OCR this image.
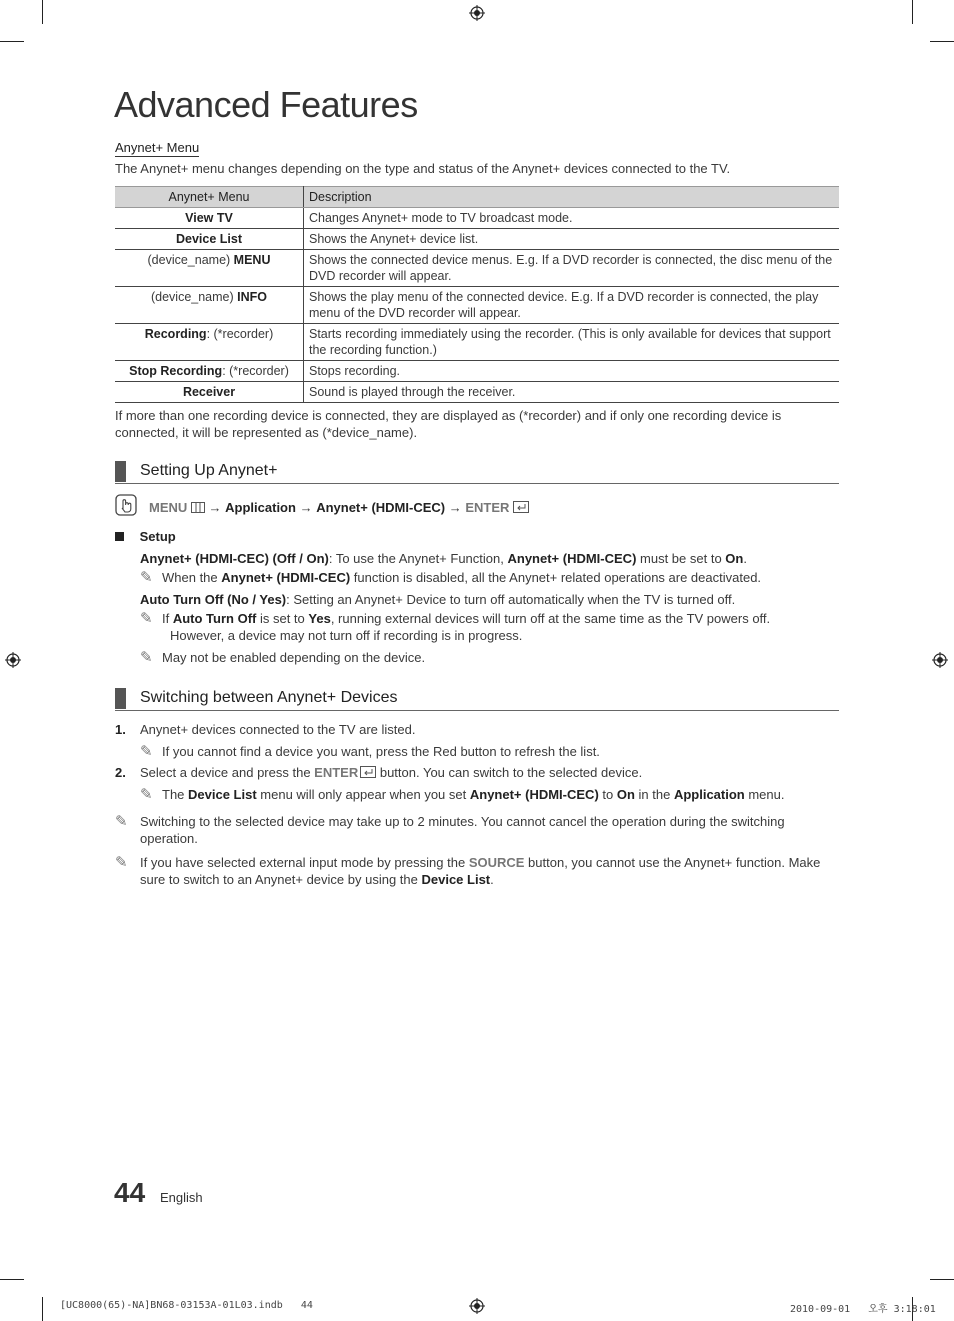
Advanced Features
Anynet+ Menu
The Anynet+ menu changes depending on the type and status of the Anynet+ devices connected to the TV.
Anynet+ Menu	Description
View TV	Changes Anynet+ mode to TV broadcast mode.
Device List	Shows the Anynet+ device list.
(device_name) MENU	Shows the connected device menus. E.g. If a DVD recorder is connected, the disc menu of the DVD recorder will appear.
(device_name) INFO	Shows the play menu of the connected device. E.g. If a DVD recorder is connected, the play menu of the DVD recorder will appear.
Recording: (*recorder)	Starts recording immediately using the recorder. (This is only available for devices that support the recording function.)
Stop Recording: (*recorder)	Stops recording.
Receiver	Sound is played through the receiver.
If more than one recording device is connected, they are displayed as (*recorder) and if only one recording device is connected, it will be represented as (*device_name).
Setting Up Anynet+
MENU → Application → Anynet+ (HDMI-CEC) → ENTER
Setup
Anynet+ (HDMI-CEC) (Off / On): To use the Anynet+ Function, Anynet+ (HDMI-CEC) must be set to On.
✎ When the Anynet+ (HDMI-CEC) function is disabled, all the Anynet+ related operations are deactivated.
Auto Turn Off (No / Yes): Setting an Anynet+ Device to turn off automatically when the TV is turned off.
✎ If Auto Turn Off is set to Yes, running external devices will turn off at the same time as the TV powers off.
However, a device may not turn off if recording is in progress.
✎ May not be enabled depending on the device.
Switching between Anynet+ Devices
1. Anynet+ devices connected to the TV are listed.
✎ If you cannot find a device you want, press the Red button to refresh the list.
2. Select a device and press the ENTER button. You can switch to the selected device.
✎ The Device List menu will only appear when you set Anynet+ (HDMI-CEC) to On in the Application menu.
✎ Switching to the selected device may take up to 2 minutes. You cannot cancel the operation during the switching
operation.
✎ If you have selected external input mode by pressing the SOURCE button, you cannot use the Anynet+ function. Make
sure to switch to an Anynet+ device by using the Device List.
44 English
[UC8000(65)-NA]BN68-03153A-01L03.indb   44	2010-09-01   오후 3:18:01
